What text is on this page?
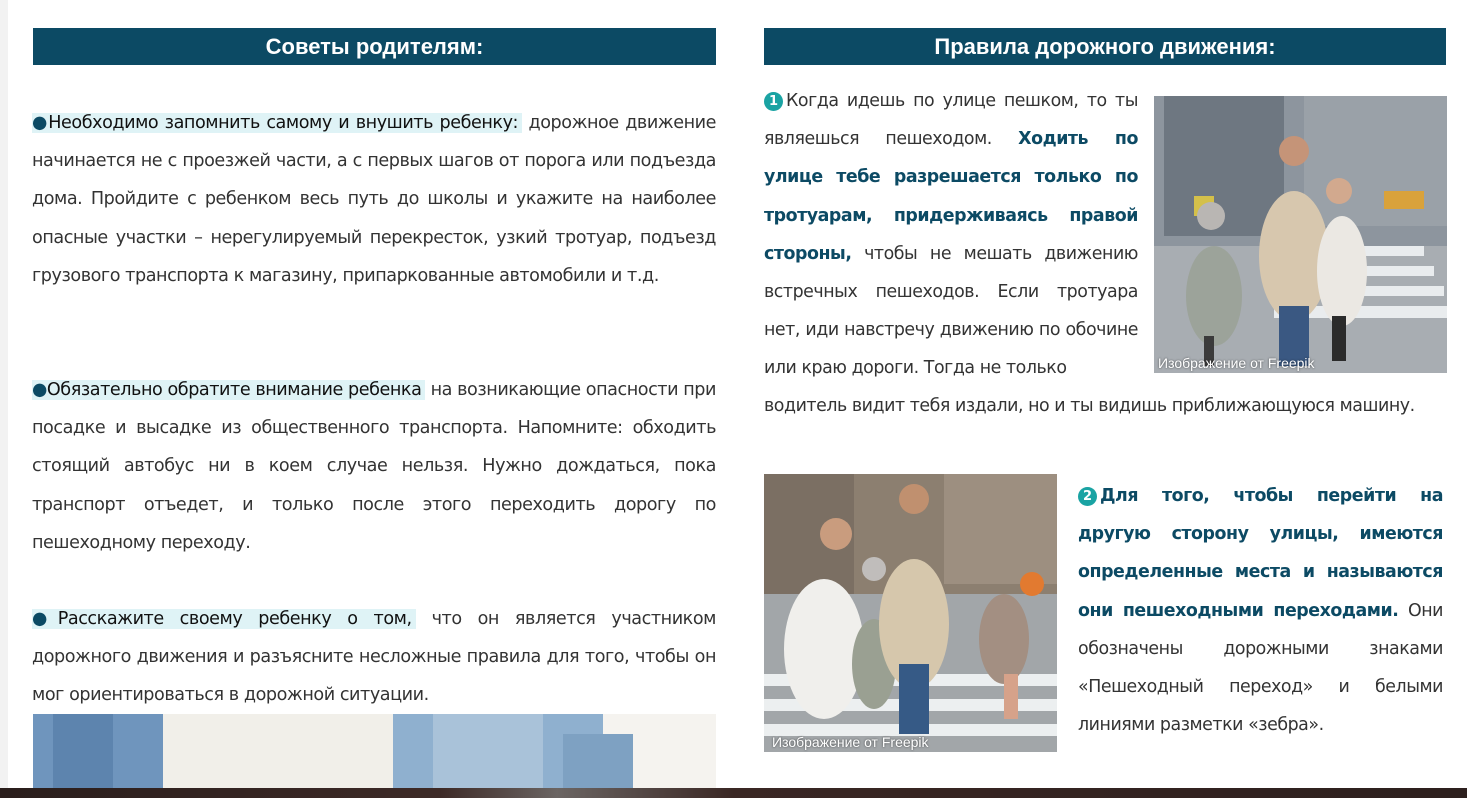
Советы родителям:
●Необходимо запомнить самому и внушить ребенку: дорожное движение начинается не с проезжей части, а с первых шагов от порога или подъезда дома. Пройдите с ребенком весь путь до школы и укажите на наиболее опасные участки – нерегулируемый перекресток, узкий тротуар, подъезд грузового транспорта к магазину, припаркованные автомобили и т.д.
●Обязательно обратите внимание ребенка на возникающие опасности при посадке и высадке из общественного транспорта. Напомните: обходить стоящий автобус ни в коем случае нельзя. Нужно дождаться, пока транспорт отъедет, и только после этого переходить дорогу по пешеходному переходу.
●Расскажите своему ребенку о том, что он является участником дорожного движения и разъясните несложные правила для того, чтобы он мог ориентироваться в дорожной ситуации.
Правила дорожного движения:
1 Когда идешь по улице пешком, то ты являешься пешеходом. Ходить по улице тебе разрешается только по тротуарам, придерживаясь правой стороны, чтобы не мешать движению встречных пешеходов. Если тротуара нет, иди навстречу движению по обочине или краю дороги. Тогда не только	Изображение от Freepik
водитель видит тебя издали, но и ты видишь приближающуюся машину.
Изображение от Freepik
2 Для того, чтобы перейти на другую сторону улицы, имеются определенные места и называются они пешеходными переходами. Они обозначены дорожными знаками «Пешеходный переход» и белыми линиями разметки «зебра».
